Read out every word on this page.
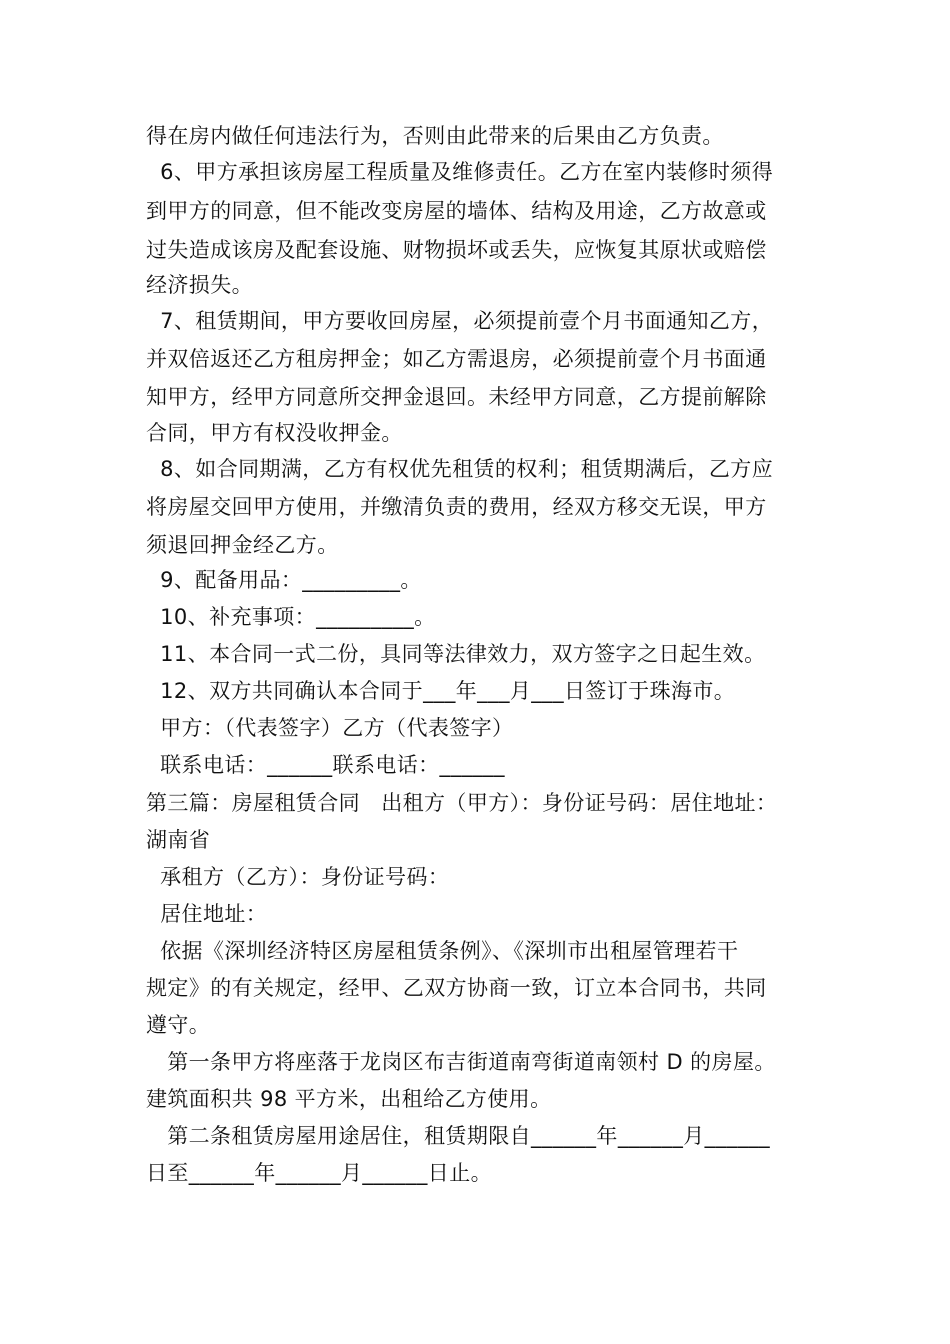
得在房内做任何违法行为，否则由此带来的后果由乙方负责。
6、甲方承担该房屋工程质量及维修责任。乙方在室内装修时须得
到甲方的同意，但不能改变房屋的墙体、结构及用途，乙方故意或
过失造成该房及配套设施、财物损坏或丢失，应恢复其原状或赔偿
经济损失。
7、租赁期间，甲方要收回房屋，必须提前壹个月书面通知乙方，
并双倍返还乙方租房押金；如乙方需退房，必须提前壹个月书面通
知甲方，经甲方同意所交押金退回。未经甲方同意，乙方提前解除
合同，甲方有权没收押金。
8、如合同期满，乙方有权优先租赁的权利；租赁期满后，乙方应
将房屋交回甲方使用，并缴清负责的费用，经双方移交无误，甲方
须退回押金经乙方。
9、配备用品：_________。
10、补充事项：_________。
11、本合同一式二份，具同等法律效力，双方签字之日起生效。
12、双方共同确认本合同于___年___月___日签订于珠海市。
甲方：（代表签字）乙方（代表签字）
联系电话：______联系电话：______
第三篇：房屋租赁合同   出租方（甲方）：身份证号码：居住地址：
湖南省
承租方（乙方）：身份证号码：
居住地址：
依据《深圳经济特区房屋租赁条例》、《深圳市出租屋管理若干
规定》的有关规定，经甲、乙双方协商一致，订立本合同书，共同
遵守。
第一条甲方将座落于龙岗区布吉街道南弯街道南领村 D 的房屋。
建筑面积共 98 平方米，出租给乙方使用。
第二条租赁房屋用途居住，租赁期限自______年______月______
日至______年______月______日止。
